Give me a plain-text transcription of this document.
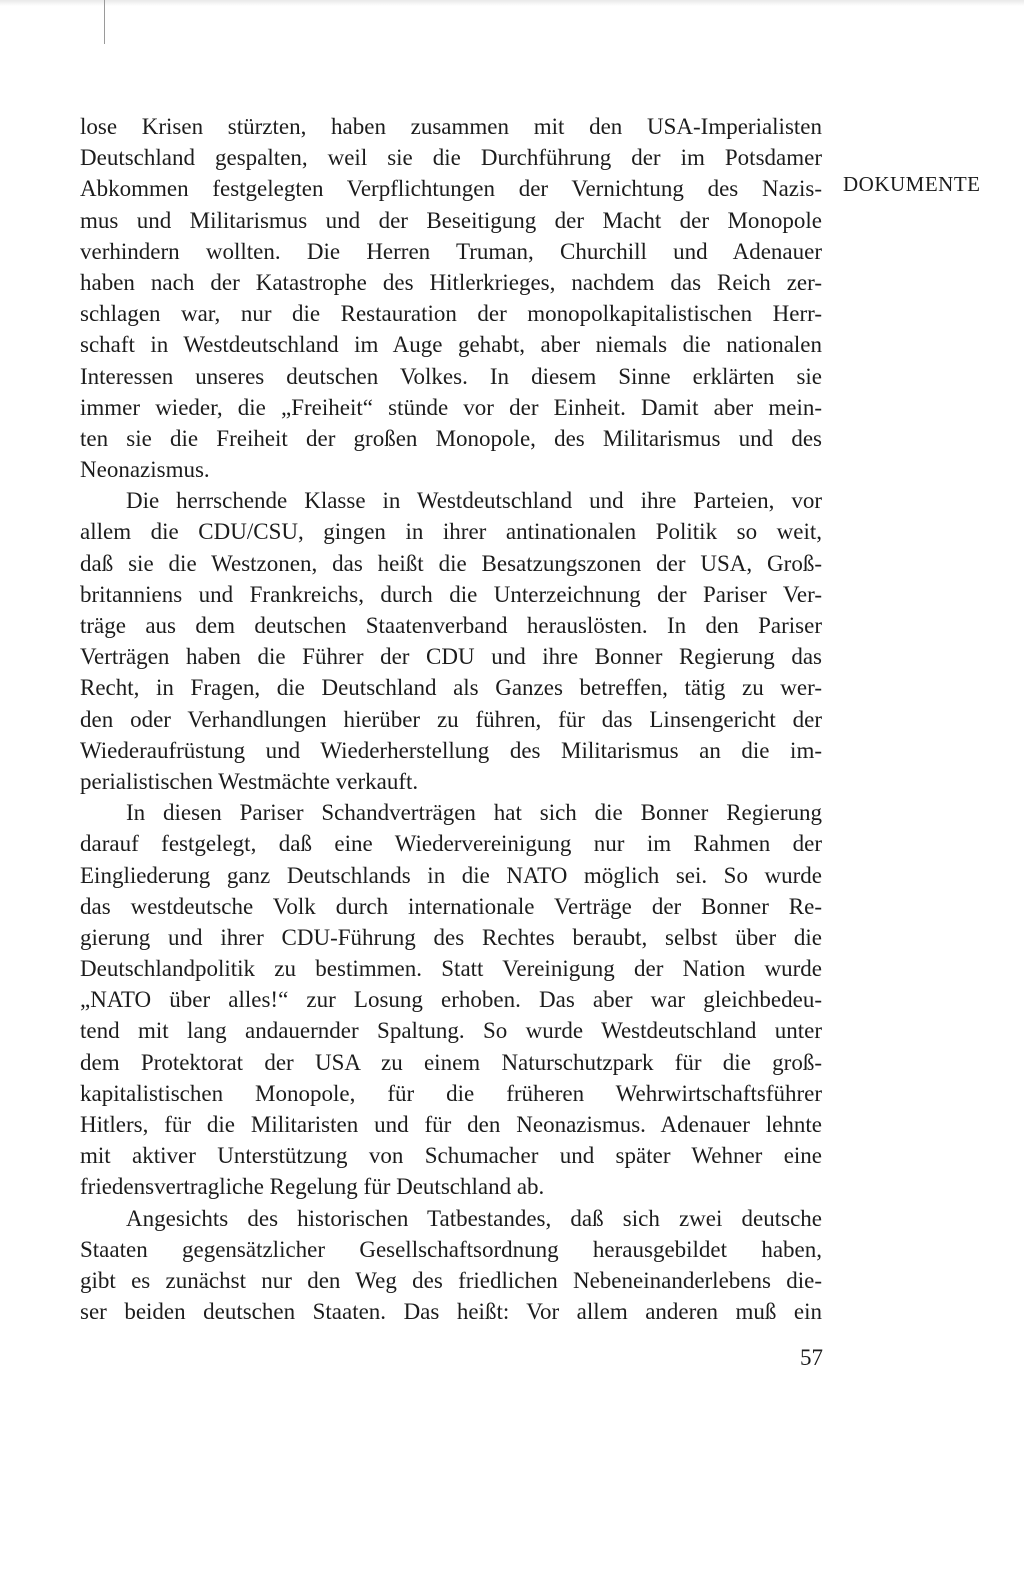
DOKUMENTE
lose Krisen stürzten, haben zusammen mit den USA-Imperialisten
Deutschland gespalten, weil sie die Durchführung der im Potsdamer
Abkommen festgelegten Verpflichtungen der Vernichtung des Nazis-
mus und Militarismus und der Beseitigung der Macht der Monopole
verhindern wollten. Die Herren Truman, Churchill und Adenauer
haben nach der Katastrophe des Hitlerkrieges, nachdem das Reich zer-
schlagen war, nur die Restauration der monopolkapitalistischen Herr-
schaft in Westdeutschland im Auge gehabt, aber niemals die nationalen
Interessen unseres deutschen Volkes. In diesem Sinne erklärten sie
immer wieder, die „Freiheit“ stünde vor der Einheit. Damit aber mein-
ten sie die Freiheit der großen Monopole, des Militarismus und des
Neonazismus.
Die herrschende Klasse in Westdeutschland und ihre Parteien, vor
allem die CDU/CSU, gingen in ihrer antinationalen Politik so weit,
daß sie die Westzonen, das heißt die Besatzungszonen der USA, Groß-
britanniens und Frankreichs, durch die Unterzeichnung der Pariser Ver-
träge aus dem deutschen Staatenverband herauslösten. In den Pariser
Verträgen haben die Führer der CDU und ihre Bonner Regierung das
Recht, in Fragen, die Deutschland als Ganzes betreffen, tätig zu wer-
den oder Verhandlungen hierüber zu führen, für das Linsengericht der
Wiederaufrüstung und Wiederherstellung des Militarismus an die im-
perialistischen Westmächte verkauft.
In diesen Pariser Schandverträgen hat sich die Bonner Regierung
darauf festgelegt, daß eine Wiedervereinigung nur im Rahmen der
Eingliederung ganz Deutschlands in die NATO möglich sei. So wurde
das westdeutsche Volk durch internationale Verträge der Bonner Re-
gierung und ihrer CDU-Führung des Rechtes beraubt, selbst über die
Deutschlandpolitik zu bestimmen. Statt Vereinigung der Nation wurde
„NATO über alles!“ zur Losung erhoben. Das aber war gleichbedeu-
tend mit lang andauernder Spaltung. So wurde Westdeutschland unter
dem Protektorat der USA zu einem Naturschutzpark für die groß-
kapitalistischen Monopole, für die früheren Wehrwirtschaftsführer
Hitlers, für die Militaristen und für den Neonazismus. Adenauer lehnte
mit aktiver Unterstützung von Schumacher und später Wehner eine
friedensvertragliche Regelung für Deutschland ab.
Angesichts des historischen Tatbestandes, daß sich zwei deutsche
Staaten gegensätzlicher Gesellschaftsordnung herausgebildet haben,
gibt es zunächst nur den Weg des friedlichen Nebeneinanderlebens die-
ser beiden deutschen Staaten. Das heißt: Vor allem anderen muß ein
57
